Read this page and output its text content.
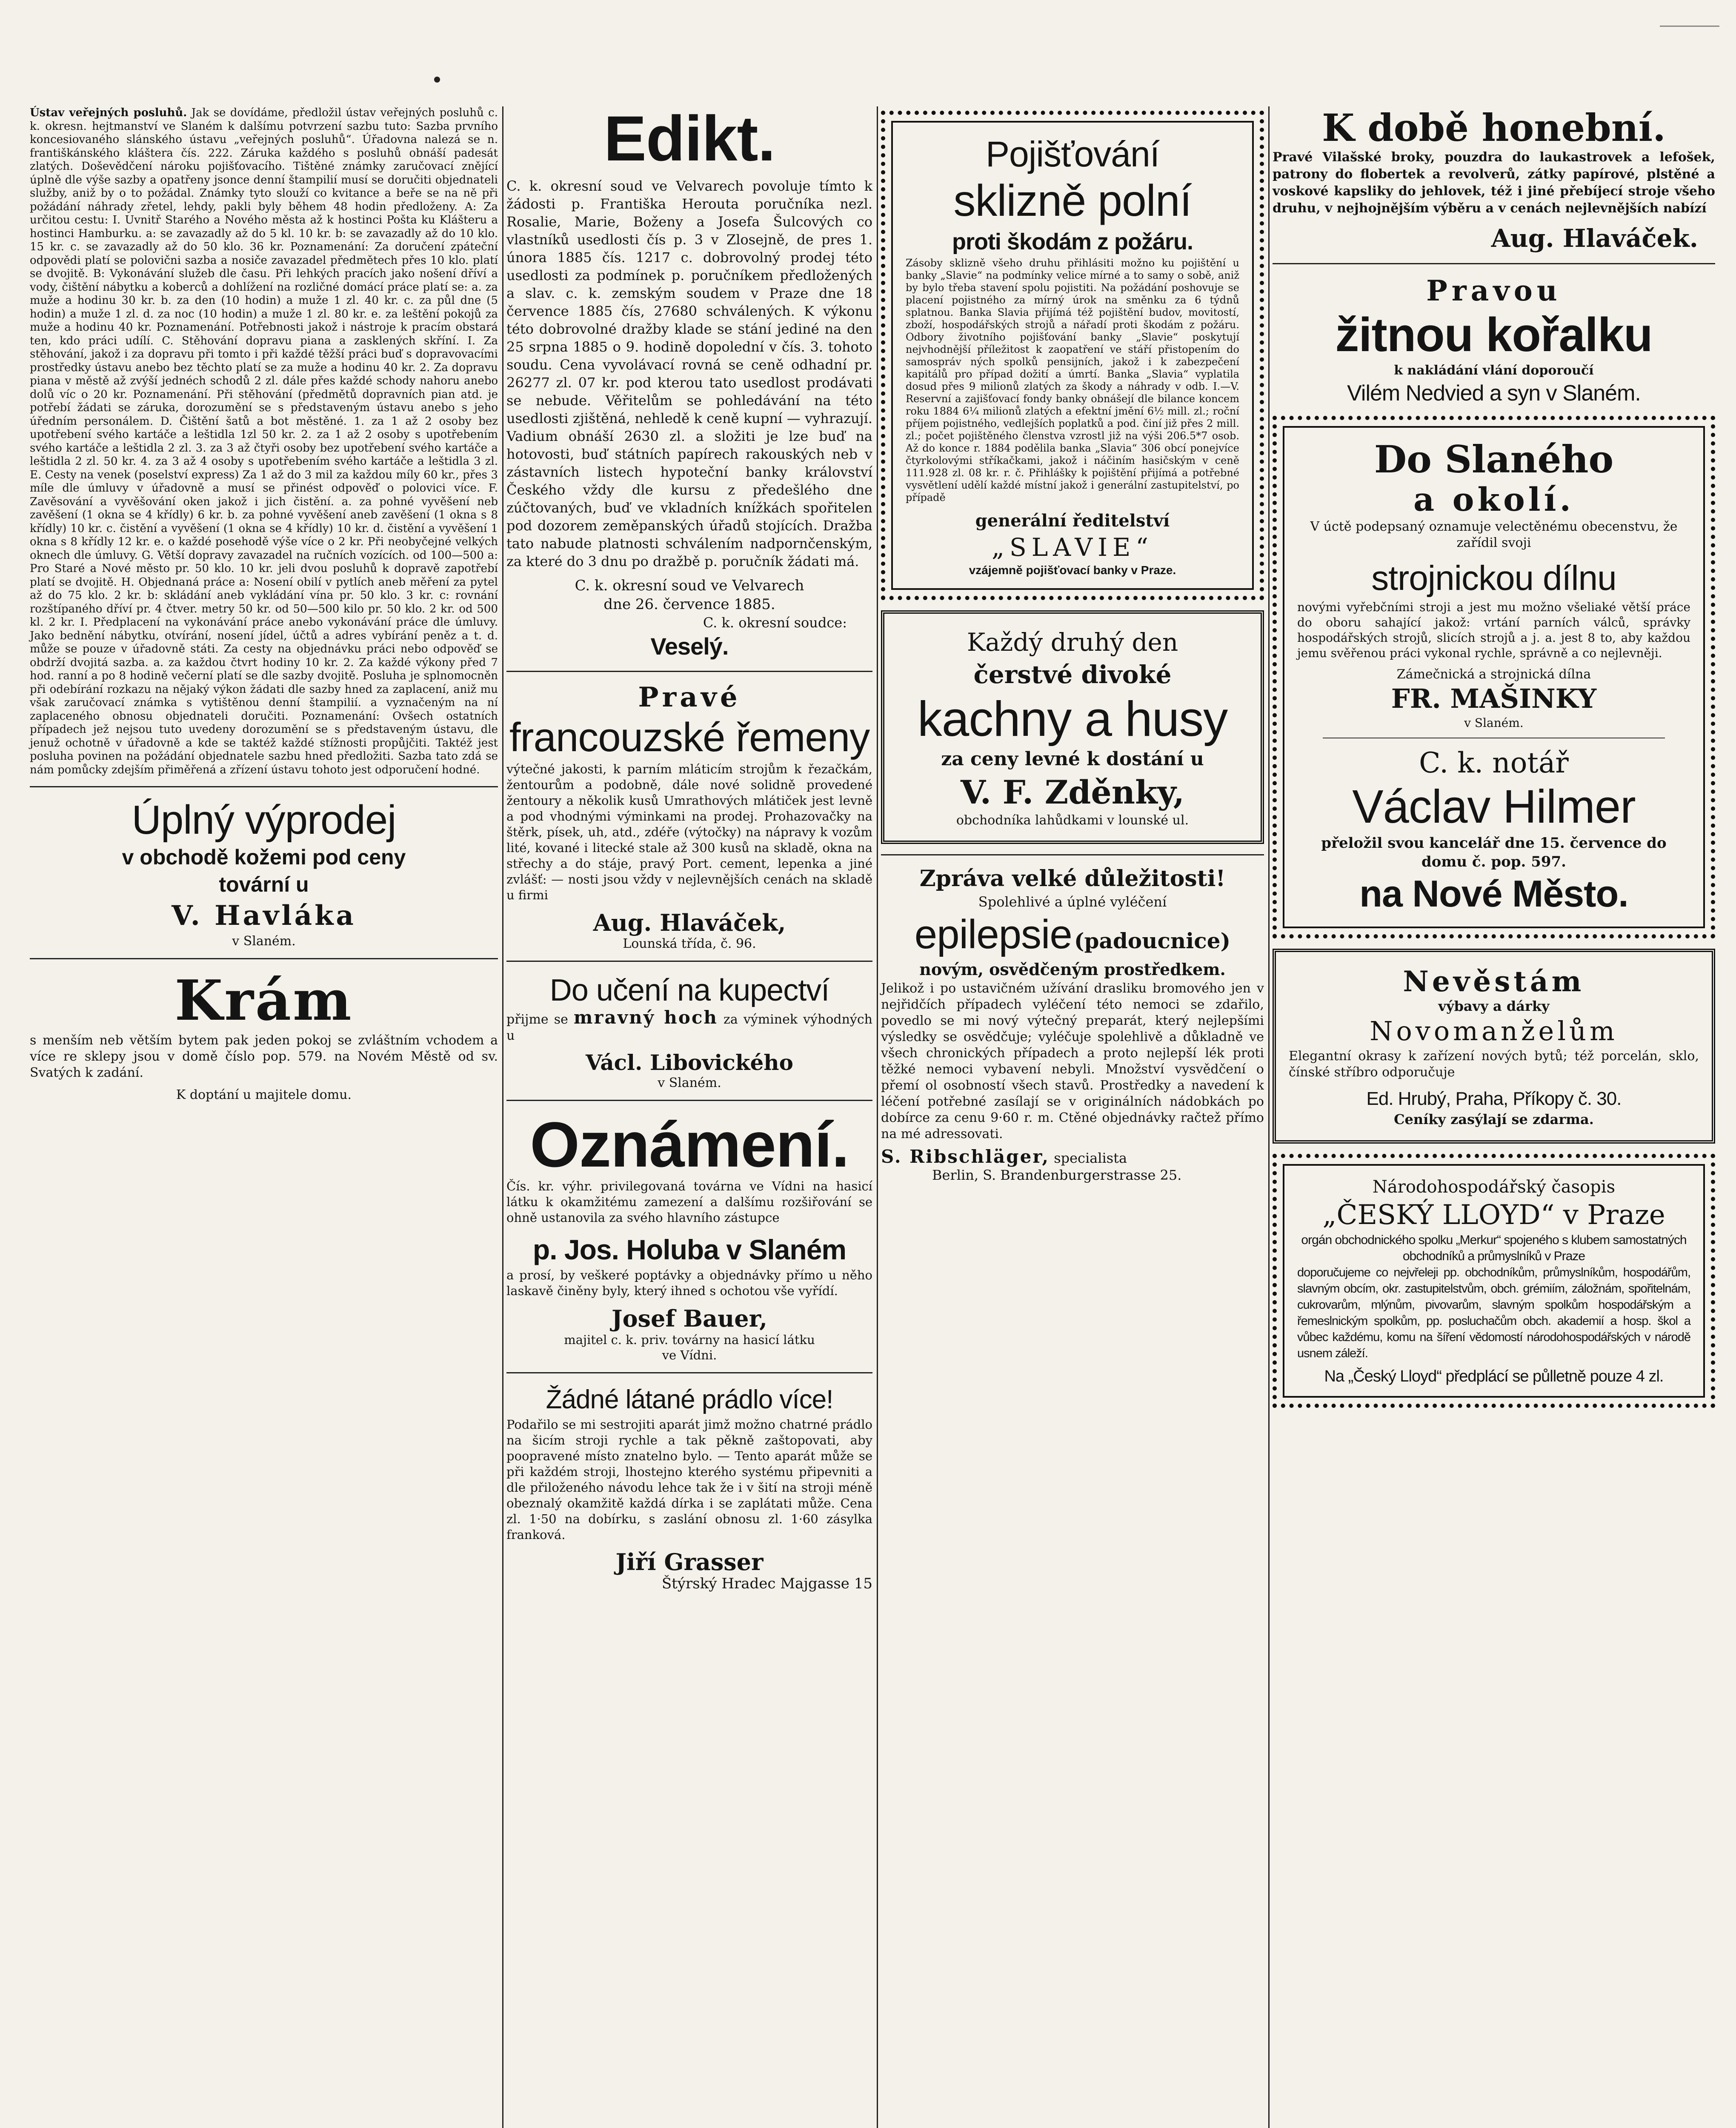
Ústav veřejných posluhů. Jak se dovídáme, předložil ústav veřejných posluhů c. k. okresn. hejtmanství ve Slaném k dalšímu potvrzení sazbu tuto: Sazba prvního koncesiovaného slánského ústavu „veřejných posluhů“. Úřadovna nalezá se n. františkánského kláštera čís. 222. Záruka každého s posluhů obnáší padesát zlatých. Doševědčení nároku pojišťovacího. Tištěné známky zaručovací znějící úplně dle výše sazby a opatřeny jsonce denní štampilií musí se doručiti objednateli služby, aniž by o to požádal. Známky tyto slouží co kvitance a beře se na ně při požádání náhrady zřetel, lehdy, pakli byly během 48 hodin předloženy. A: Za určitou cestu: I. Uvnitř Starého a Nového města až k hostinci Pošta ku Klášteru a hostinci Hamburku. a: se zavazadly až do 5 kl. 10 kr. b: se zavazadly až do 10 klo. 15 kr. c. se zavazadly až do 50 klo. 36 kr. Poznamenání: Za doručení zpáteční odpovědi platí se polovični sazba a nosiče zavazadel předmětech přes 10 klo. platí se dvojitě. B: Vykonávání služeb dle času. Při lehkých pracích jako nošení dříví a vody, čištění nábytku a koberců a dohlížení na rozličné domácí práce platí se: a. za muže a hodinu 30 kr. b. za den (10 hodin) a muže 1 zl. 40 kr. c. za půl dne (5 hodin) a muže 1 zl. d. za noc (10 hodin) a muže 1 zl. 80 kr. e. za leštění pokojů za muže a hodinu 40 kr. Poznamenání. Potřebnosti jakož i nástroje k pracím obstará ten, kdo práci udílí. C. Stěhování dopravu piana a zasklených skříní. I. Za stěhování, jakož i za dopravu při tomto i při každé těžší práci buď s dopravovacími prostředky ústavu anebo bez těchto platí se za muže a hodinu 40 kr. 2. Za dopravu piana v městě až zvýší jednéch schodů 2 zl. dále přes každé schody nahoru anebo dolů víc o 20 kr. Poznamenání. Při stěhování (předmětů dopravních pian atd. je potřebí žádati se záruka, dorozumění se s představeným ústavu anebo s jeho úředním personálem. D. Čištění šatů a bot městěné. 1. za 1 až 2 osoby bez upotřebení svého kartáče a leštidla 1zl 50 kr. 2. za 1 až 2 osoby s upotřebením svého kartáče a leštidla 2 zl. 3. za 3 až čtyři osoby bez upotřebení svého kartáče a leštidla 2 zl. 50 kr. 4. za 3 až 4 osoby s upotřebením svého kartáče a leštidla 3 zl. E. Cesty na venek (poselství express) Za 1 až do 3 mil za každou míly 60 kr., přes 3 míle dle úmluvy v úřadovně a musí se přinést odpověď o polovici více. F. Zavěsování a vyvěšování oken jakož i jich čistění. a. za pohné vyvěšení neb zavěšení (1 okna se 4 křídly) 6 kr. b. za pohné vyvěšení aneb zavěšení (1 okna s 8 křídly) 10 kr. c. čistění a vyvěšení (1 okna se 4 křídly) 10 kr. d. čistění a vyvěšení 1 okna s 8 křídly 12 kr. e. o každé posehodě výše více o 2 kr. Při neobyčejné velkých oknech dle úmluvy. G. Větší dopravy zavazadel na ručních vozících. od 100—500 a: Pro Staré a Nové město pr. 50 klo. 10 kr. jeli dvou posluhů k dopravě zapotřebí platí se dvojitě. H. Objednaná práce a: Nosení obilí v pytlích aneb měření za pytel až do 75 klo. 2 kr. b: skládání aneb vykládání vína pr. 50 klo. 3 kr. c: rovnání rozštípaného dříví pr. 4 čtver. metry 50 kr. od 50—500 kilo pr. 50 klo. 2 kr. od 500 kl. 2 kr. I. Předplacení na vykonávání práce anebo vykonávání práce dle úmluvy. Jako bednění nábytku, otvírání, nosení jídel, účtů a adres vybírání peněz a t. d. může se pouze v úřadovně státi. Za cesty na objednávku práci nebo odpověď se obdrží dvojitá sazba. a. za každou čtvrt hodiny 10 kr. 2. Za každé výkony před 7 hod. ranní a po 8 hodině večerní platí se dle sazby dvojitě. Posluha je splnomocněn při odebírání rozkazu na nějaký výkon žádati dle sazby hned za zaplacení, aniž mu však zaručovací známka s vytištěnou denní štampilií. a vyznačeným na ní zaplaceného obnosu objednateli doručiti. Poznamenání: Ovšech ostatních případech jež nejsou tuto uvedeny dorozumění se s představeným ústavu, dle jenuž ochotně v úřadovně a kde se taktéž každé stížnosti propůjčiti. Taktéž jest posluha povinen na požádání objednatele sazbu hned předložiti. Sazba tato zdá se nám pomůcky zdejším přiměřená a zřízení ústavu tohoto jest odporučení hodné.

Úplný výprodej
v obchodě kožemi pod ceny
tovární u
V. Havláka
v Slaném.
Krám

s menším neb větším bytem pak jeden pokoj se zvláštním vchodem a více re sklepy jsou v domě číslo pop. 579. na Novém Městě od sv. Svatých k zadání.

K doptání u majitele domu.

Edikt.

C. k. okresní soud ve Velvarech povoluje tímto k žádosti p. Františka Herouta poručníka nezl. Rosalie, Marie, Boženy a Josefa Šulcových co vlastníků usedlosti čís p. 3 v Zlosejně, de pres 1. února 1885 čís. 1217 c. dobrovolný prodej této usedlosti za podmínek p. poručníkem předložených a slav. c. k. zemským soudem v Praze dne 18 července 1885 čís, 27680 schválených. K výkonu této dobrovolné dražby klade se stání jediné na den 25 srpna 1885 o 9. hodině dopolední v čís. 3. tohoto soudu. Cena vyvolávací rovná se ceně odhadní pr. 26277 zl. 07 kr. pod kterou tato usedlost prodávati se nebude. Věřitelům se pohledávání na této usedlosti zjištěná, nehledě k ceně kupní — vyhrazují. Vadium obnáší 2630 zl. a složiti je lze buď na hotovosti, buď státních papírech rakouských neb v zástavních listech hypoteční banky království Českého vždy dle kursu z předešlého dne zúčtovaných, buď ve vkladních knížkách spořitelen pod dozorem zeměpanských úřadů stojících. Dražba tato nabude platnosti schválením nadpornčenským, za které do 3 dnu po dražbě p. poručník žádati má.

C. k. okresní soud ve Velvarech
dne 26. července 1885.
C. k. okresní soudce:
Veselý.
Pravé
francouzské řemeny

výtečné jakosti, k parním mláticím strojům k řezačkám, žentourům a podobně, dále nové solidně provedené žentoury a několik kusů Umrathových mlátiček jest levně a pod vhodnými výminkami na prodej. Prohazovačky na štěrk, písek, uh, atd., zdéře (výtočky) na nápravy k vozům lité, kované i litecké stale až 300 kusů na skladě, okna na střechy a do stáje, pravý Port. cement, lepenka a jiné zvlášť: — nosti jsou vždy v nejlevnějších cenách na skladě u firmi

Aug. Hlaváček,
Lounská třída, č. 96.
Do učení na kupectví

přijme se mravný hoch za výminek výhodných u

Václ. Libovického
v Slaném.
Oznámení.

Čís. kr. výhr. privilegovaná továrna ve Vídni na hasicí látku k okamžitému zamezení a dalšímu rozšiřování se ohně ustanovila za svého hlavního zástupce

p. Jos. Holuba v Slaném

a prosí, by veškeré poptávky a objednávky přímo u něho laskavě činěny byly, který ihned s ochotou vše vyřídí.

Josef Bauer,
majitel c. k. priv. továrny na hasicí látku ve Vídni.
Žádné látané prádlo více!

Podařilo se mi sestrojiti aparát jimž možno chatrné prádlo na šicím stroji rychle a tak pěkně zaštopovati, aby poopravené místo znatelno bylo. — Tento aparát může se při každém stroji, lhostejno kterého systému připevniti a dle přiloženého návodu lehce tak že i v šití na stroji méně obeznalý okamžitě každá dírka i se zaplátati může. Cena zl. 1·50 na dobírku, s zaslání obnosu zl. 1·60 zásylka franková.

Jiří Grasser
Štýrský Hradec Majgasse 15
Pojišťování
sklizně polní
proti škodám z požáru.

Zásoby sklizně všeho druhu přihlásiti možno ku pojištění u banky „Slavie“ na podmínky velice mírné a to samy o sobě, aniž by bylo třeba stavení spolu pojistiti. Na požádání poshovuje se placení pojistného za mírný úrok na směnku za 6 týdnů splatnou. Banka Slavia přijímá též pojištění budov, movitostí, zboží, hospodářských strojů a nářadí proti škodám z požáru. Odbory životního pojišťování banky „Slavie“ poskytují nejvhodnější příležitost k zaopatření ve stáří přistopením do samospráv ných spolků pensijních, jakož i k zabezpečení kapitálů pro případ dožití a úmrtí. Banka „Slavia“ vyplatila dosud přes 9 milionů zlatých za škody a náhrady v odb. I.—V. Reservní a zajišťovací fondy banky obnášejí dle bilance koncem roku 1884 6¼ milionů zlatých a efektní jmění 6½ mill. zl.; roční příjem pojistného, vedlejších poplatků a pod. činí již přes 2 mill. zl.; počet pojištěného členstva vzrostl již na výši 206.5*7 osob. Až do konce r. 1884 podělila banka „Slavia“ 306 obcí ponejvíce čtyrkolovými stříkačkami, jakož i náčiním hasičským v ceně 111.928 zl. 08 kr. r. č. Přihlášky k pojištění přijímá a potřebné vysvětlení udělí každé místní jakož i generální zastupitelství, po případě

generální ředitelství
„SLAVIE“
vzájemně pojišťovací banky v Praze.
Každý druhý den
čerstvé divoké
kachny a husy
za ceny levné k dostání u
V. F. Zděnky,
obchodníka lahůdkami v lounské ul.
Zpráva velké důležitosti!
Spolehlivé a úplné vyléčení
epilepsie (padoucnice)
novým, osvědčeným prostředkem.

Jelikož i po ustavičném užívání drasliku bromového jen v nejřidčích případech vyléčení této nemoci se zdařilo, povedlo se mi nový výtečný preparát, který nejlepšími výsledky se osvědčuje; vyléčuje spolehlivě a důkladně ve všech chronických případech a proto nejlepší lék proti těžké nemoci vybavení nebyli. Množství vysvědčení o přemí ol osobností všech stavů. Prostředky a navedení k léčení potřebné zasílají se v originálních nádobkách po dobírce za cenu 9·60 r. m. Ctěné objednávky račtež přímo na mé adressovati.

S. Ribschläger, specialista
Berlin, S. Brandenburgerstrasse 25.

K době honební.

Pravé Vilašské broky, pouzdra do laukastrovek a lefošek, patrony do flobertek a revolverů, zátky papírové, plstěné a voskové kapsliky do jehlovek, též i jiné přebíjecí stroje všeho druhu, v nejhojnějším výběru a v cenách nejlevnějších nabízí

Aug. Hlaváček.
Pravou
žitnou kořalku
k nakládání vlání doporoučí
Vilém Nedvied a syn v Slaném.
Do Slaného
a okolí.

V úctě podepsaný oznamuje velectěnému obecenstvu, že zařídil svoji

strojnickou dílnu

novými vyřebčními stroji a jest mu možno všeliaké větší práce do oboru sahající jakož: vrtání parních válců, správky hospodářských strojů, slicích strojů a j. a. jest 8 to, aby každou jemu svěřenou práci vykonal rychle, správně a co nejlevněji.

Zámečnická a strojnická dílna
FR. MAŠINKY
v Slaném.
C. k. notář
Václav Hilmer
přeložil svou kancelář dne 15. července do domu č. pop. 597.
na Nové Město.
Nevěstám
výbavy a dárky
Novomanželům

Elegantní okrasy k zařízení nových bytů; též porcelán, sklo, čínské stříbro odporučuje

Ed. Hrubý, Praha, Příkopy č. 30.
Ceníky zasýlají se zdarma.
Národohospodářský časopis
„ČESKÝ LLOYD“ v Praze
orgán obchodnického spolku „Merkur“ spojeného s klubem samostatných obchodníků a průmyslníků v Praze

doporučujeme co nejvřeleji pp. obchodníkům, průmyslníkům, hospodářům, slavným obcím, okr. zastupitelstvům, obch. grémiím, záložnám, spořitelnám, cukrovarům, mlýnům, pivovarům, slavným spolkům hospodářským a řemeslnickým spolkům, pp. posluchačům obch. akademií a hosp. škol a vůbec každému, komu na šíření vědomostí národohospodářských v národě usnem záleží.

Na „Český Lloyd“ předplácí se půlletně pouze 4 zl.
